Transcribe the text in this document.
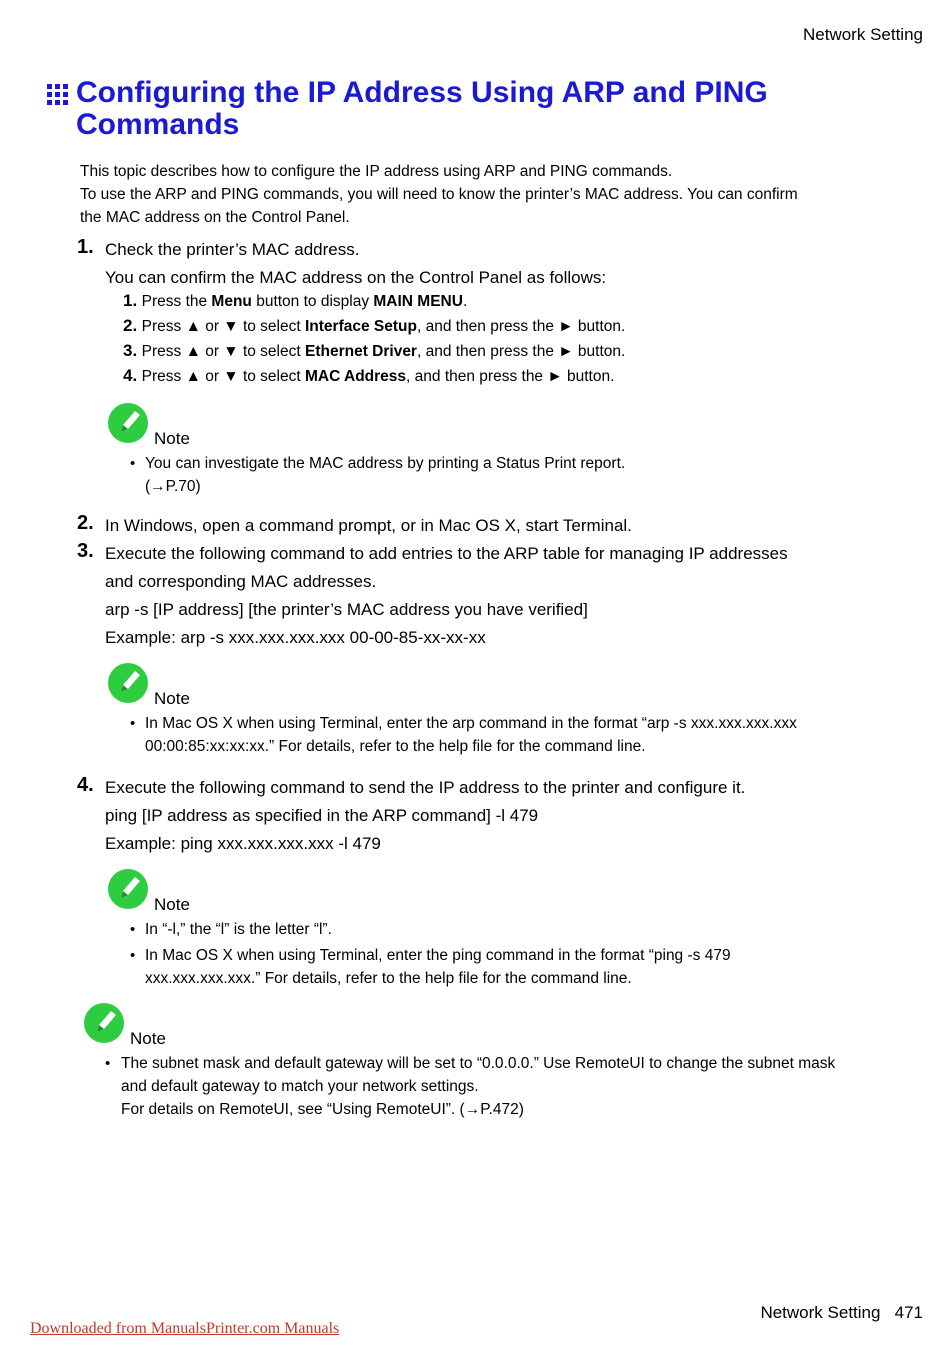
Network Setting
Configuring the IP Address Using ARP and PING
Commands
This topic describes how to configure the IP address using ARP and PING commands.
To use the ARP and PING commands, you will need to know the printer’s MAC address. You can confirm
the MAC address on the Control Panel.
1. Check the printer’s MAC address.
You can confirm the MAC address on the Control Panel as follows:
1. Press the Menu button to display MAIN MENU.
2. Press ▲ or ▼ to select Interface Setup, and then press the ► button.
3. Press ▲ or ▼ to select Ethernet Driver, and then press the ► button.
4. Press ▲ or ▼ to select MAC Address, and then press the ► button.
Note
• You can investigate the MAC address by printing a Status Print report.
(→P.70)
2. In Windows, open a command prompt, or in Mac OS X, start Terminal.
3. Execute the following command to add entries to the ARP table for managing IP addresses
and corresponding MAC addresses.
arp -s [IP address] [the printer’s MAC address you have verified]
Example: arp -s xxx.xxx.xxx.xxx 00-00-85-xx-xx-xx
Note
• In Mac OS X when using Terminal, enter the arp command in the format “arp -s xxx.xxx.xxx.xxx
00:00:85:xx:xx:xx.” For details, refer to the help file for the command line.
4. Execute the following command to send the IP address to the printer and configure it.
ping [IP address as specified in the ARP command] -l 479
Example: ping xxx.xxx.xxx.xxx -l 479
Note
• In “-l,” the “l” is the letter “l”.
• In Mac OS X when using Terminal, enter the ping command in the format “ping -s 479
xxx.xxx.xxx.xxx.” For details, refer to the help file for the command line.
Note
• The subnet mask and default gateway will be set to “0.0.0.0.” Use RemoteUI to change the subnet mask
and default gateway to match your network settings.
For details on RemoteUI, see “Using RemoteUI”. (→P.472)
Network Setting 471
Downloaded from ManualsPrinter.com Manuals
